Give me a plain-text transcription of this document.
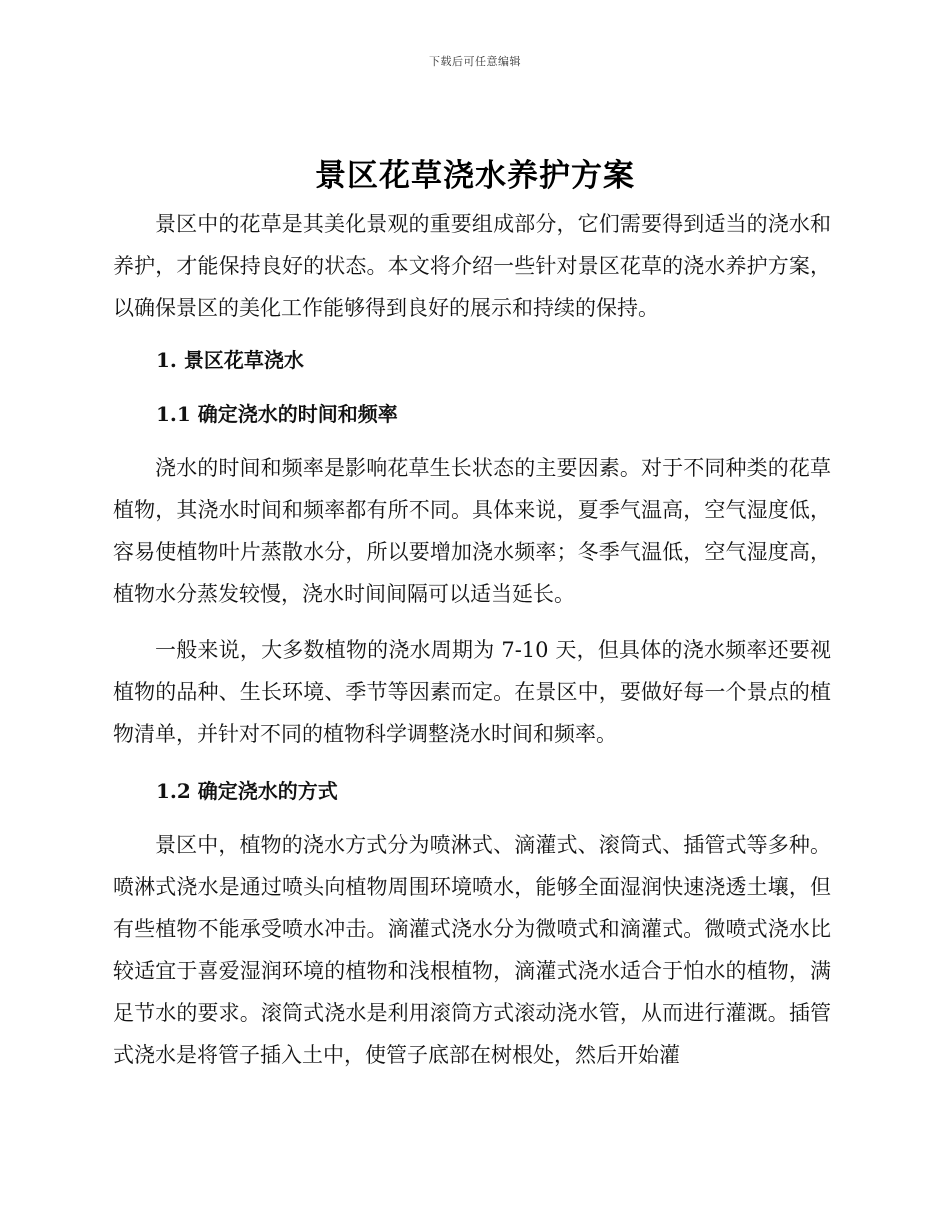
下载后可任意编辑
景区花草浇水养护方案

景区中的花草是其美化景观的重要组成部分，它们需要得到适当的浇水和养护，才能保持良好的状态。本文将介绍一些针对景区花草的浇水养护方案，以确保景区的美化工作能够得到良好的展示和持续的保持。

1. 景区花草浇水
1.1 确定浇水的时间和频率

浇水的时间和频率是影响花草生长状态的主要因素。对于不同种类的花草植物，其浇水时间和频率都有所不同。具体来说，夏季气温高，空气湿度低，容易使植物叶片蒸散水分，所以要增加浇水频率；冬季气温低，空气湿度高，植物水分蒸发较慢，浇水时间间隔可以适当延长。

一般来说，大多数植物的浇水周期为 7-10 天，但具体的浇水频率还要视植物的品种、生长环境、季节等因素而定。在景区中，要做好每一个景点的植物清单，并针对不同的植物科学调整浇水时间和频率。

1.2 确定浇水的方式

景区中，植物的浇水方式分为喷淋式、滴灌式、滚筒式、插管式等多种。喷淋式浇水是通过喷头向植物周围环境喷水，能够全面湿润快速浇透土壤，但有些植物不能承受喷水冲击。滴灌式浇水分为微喷式和滴灌式。微喷式浇水比较适宜于喜爱湿润环境的植物和浅根植物，滴灌式浇水适合于怕水的植物，满足节水的要求。滚筒式浇水是利用滚筒方式滚动浇水管，从而进行灌溉。插管式浇水是将管子插入土中，使管子底部在树根处，然后开始灌
